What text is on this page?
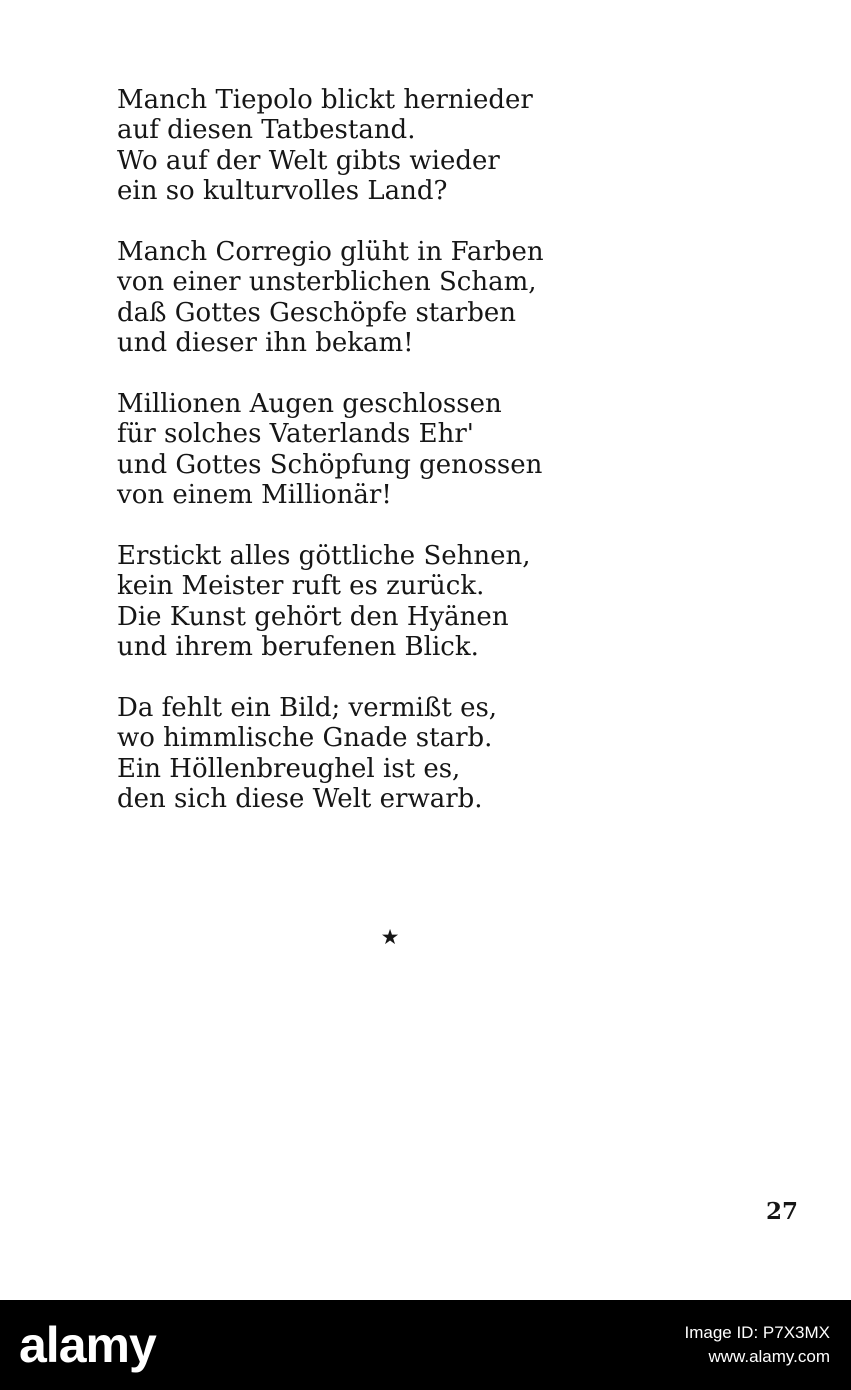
Manch Tiepolo blickt hernieder
auf diesen Tatbestand.
Wo auf der Welt gibts wieder
ein so kulturvolles Land?
Manch Corregio glüht in Farben
von einer unsterblichen Scham,
daß Gottes Geschöpfe starben
und dieser ihn bekam!
Millionen Augen geschlossen
für solches Vaterlands Ehr'
und Gottes Schöpfung genossen
von einem Millionär!
Erstickt alles göttliche Sehnen,
kein Meister ruft es zurück.
Die Kunst gehört den Hyänen
und ihrem berufenen Blick.
Da fehlt ein Bild; vermißt es,
wo himmlische Gnade starb.
Ein Höllenbreughel ist es,
den sich diese Welt erwarb.
★
27
alamy	Image ID: P7X3MX
www.alamy.com
